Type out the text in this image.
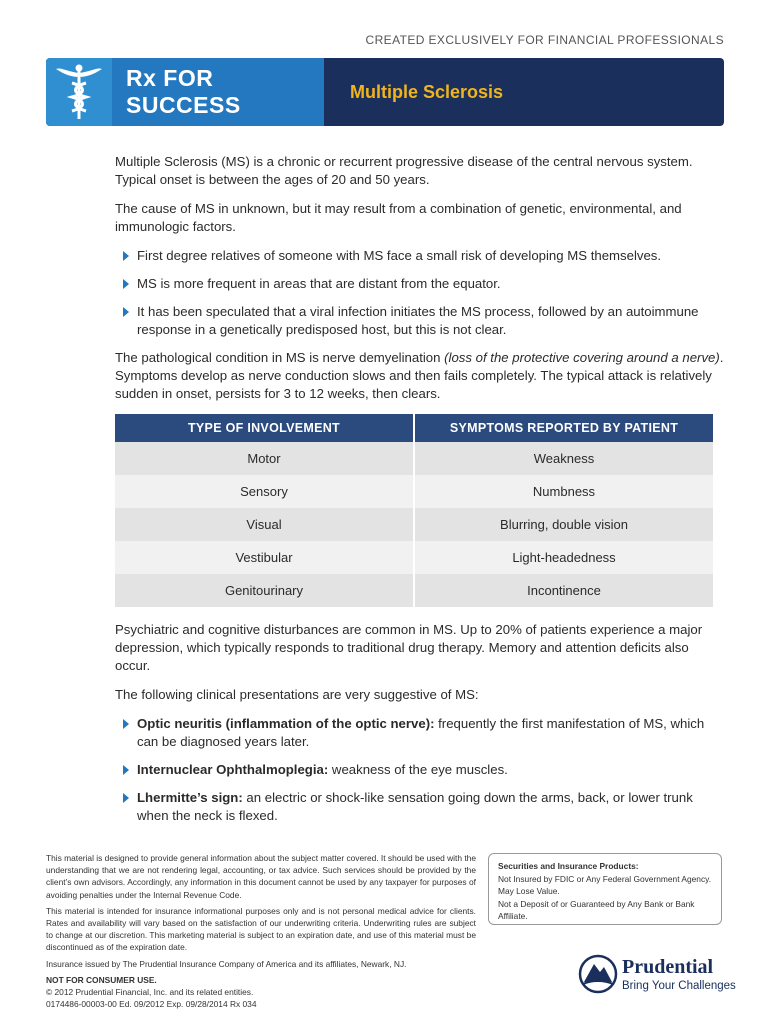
CREATED EXCLUSIVELY FOR FINANCIAL PROFESSIONALS
Rx FOR SUCCESS
Multiple Sclerosis

Multiple Sclerosis (MS) is a chronic or recurrent progressive disease of the central nervous system. Typical onset is between the ages of 20 and 50 years.

The cause of MS in unknown, but it may result from a combination of genetic, environmental, and immunologic factors.

First degree relatives of someone with MS face a small risk of developing MS themselves.
MS is more frequent in areas that are distant from the equator.
It has been speculated that a viral infection initiates the MS process, followed by an autoimmune response in a genetically predisposed host, but this is not clear.

The pathological condition in MS is nerve demyelination (loss of the protective covering around a nerve). Symptoms develop as nerve conduction slows and then fails completely. The typical attack is relatively sudden in onset, persists for 3 to 12 weeks, then clears.

TYPE OF INVOLVEMENT	SYMPTOMS REPORTED BY PATIENT
Motor	Weakness
Sensory	Numbness
Visual	Blurring, double vision
Vestibular	Light-headedness
Genitourinary	Incontinence

Psychiatric and cognitive disturbances are common in MS. Up to 20% of patients experience a major depression, which typically responds to traditional drug therapy. Memory and attention deficits also occur.

The following clinical presentations are very suggestive of MS:

Optic neuritis (inflammation of the optic nerve): frequently the first manifestation of MS, which can be diagnosed years later.
Internuclear Ophthalmoplegia: weakness of the eye muscles.
Lhermitte’s sign: an electric or shock-like sensation going down the arms, back, or lower trunk when the neck is flexed.

This material is designed to provide general information about the subject matter covered. It should be used with the understanding that we are not rendering legal, accounting, or tax advice. Such services should be provided by the client’s own advisors. Accordingly, any information in this document cannot be used by any taxpayer for purposes of avoiding penalties under the Internal Revenue Code.

This material is intended for insurance informational purposes only and is not personal medical advice for clients. Rates and availability will vary based on the satisfaction of our underwriting criteria. Underwriting rules are subject to change at our discretion. This marketing material is subject to an expiration date, and use of this material must be discontinued as of the expiration date.

Insurance issued by The Prudential Insurance Company of America and its affiliates, Newark, NJ.

NOT FOR CONSUMER USE.

© 2012 Prudential Financial, Inc. and its related entities.

0174486-00003-00 Ed. 09/2012 Exp. 09/28/2014 Rx 034

Securities and Insurance Products:
Not Insured by FDIC or Any Federal Government Agency.
May Lose Value.
Not a Deposit of or Guaranteed by Any Bank or Bank Affiliate.
Prudential
Bring Your Challenges
